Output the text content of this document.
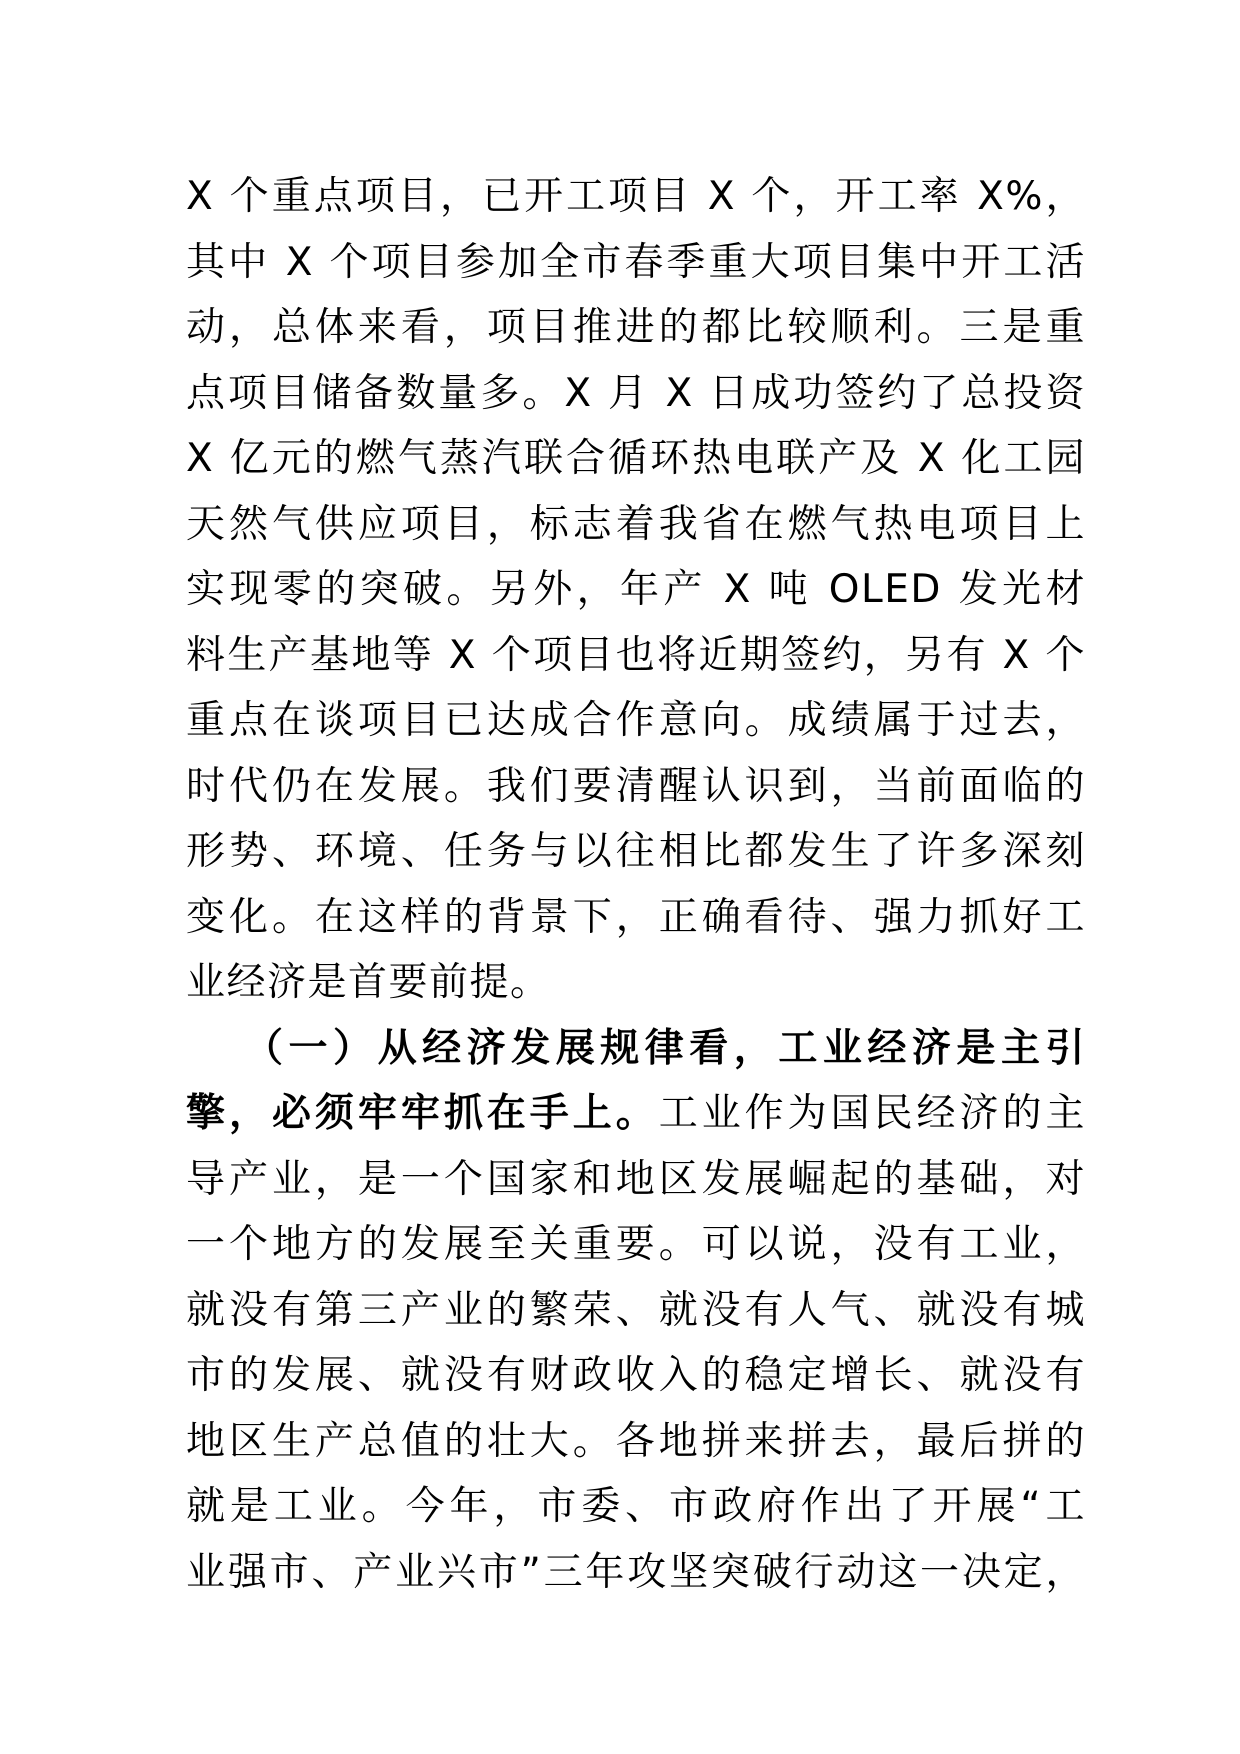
X 个重点项目，已开工项目 X 个，开工率 X%，
其中 X 个项目参加全市春季重大项目集中开工活
动，总体来看，项目推进的都比较顺利。三是重
点项目储备数量多。X 月 X 日成功签约了总投资
X 亿元的燃气蒸汽联合循环热电联产及 X 化工园
天然气供应项目，标志着我省在燃气热电项目上
实现零的突破。另外，年产 X 吨 OLED 发光材
料生产基地等 X 个项目也将近期签约，另有 X 个
重点在谈项目已达成合作意向。成绩属于过去，
时代仍在发展。我们要清醒认识到，当前面临的
形势、环境、任务与以往相比都发生了许多深刻
变化。在这样的背景下，正确看待、强力抓好工
业经济是首要前提。
（一）从经济发展规律看，工业经济是主引
擎，必须牢牢抓在手上。工业作为国民经济的主
导产业，是一个国家和地区发展崛起的基础，对
一个地方的发展至关重要。可以说，没有工业，
就没有第三产业的繁荣、就没有人气、就没有城
市的发展、就没有财政收入的稳定增长、就没有
地区生产总值的壮大。各地拼来拼去，最后拼的
就是工业。今年，市委、市政府作出了开展“工
业强市、产业兴市”三年攻坚突破行动这一决定，
